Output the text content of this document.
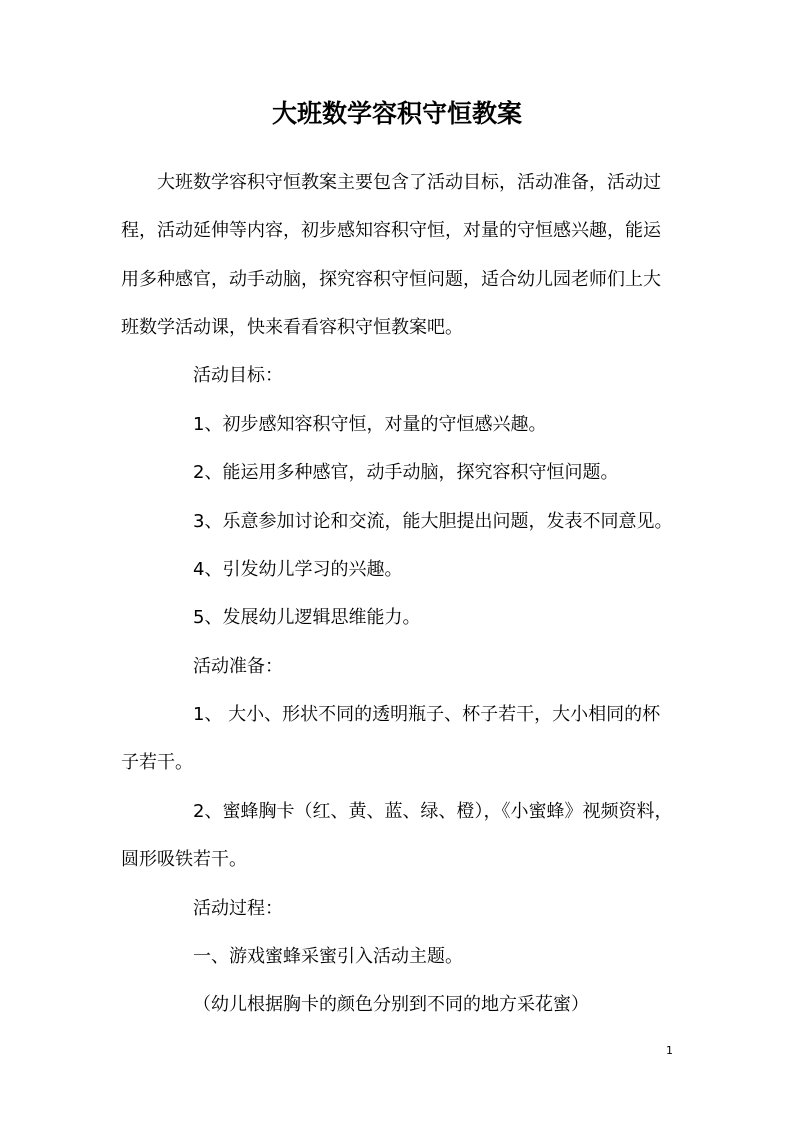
大班数学容积守恒教案

大班数学容积守恒教案主要包含了活动目标，活动准备，活动过

程，活动延伸等内容，初步感知容积守恒，对量的守恒感兴趣，能运

用多种感官，动手动脑，探究容积守恒问题，适合幼儿园老师们上大

班数学活动课，快来看看容积守恒教案吧。

活动目标：

1、初步感知容积守恒，对量的守恒感兴趣。

2、能运用多种感官，动手动脑，探究容积守恒问题。

3、乐意参加讨论和交流，能大胆提出问题，发表不同意见。

4、引发幼儿学习的兴趣。

5、发展幼儿逻辑思维能力。

活动准备：

1、 大小、形状不同的透明瓶子、杯子若干，大小相同的杯

子若干。

2、蜜蜂胸卡（红、黄、蓝、绿、橙），《小蜜蜂》视频资料，

圆形吸铁若干。

活动过程：

一、游戏蜜蜂采蜜引入活动主题。

（幼儿根据胸卡的颜色分别到不同的地方采花蜜）

1
